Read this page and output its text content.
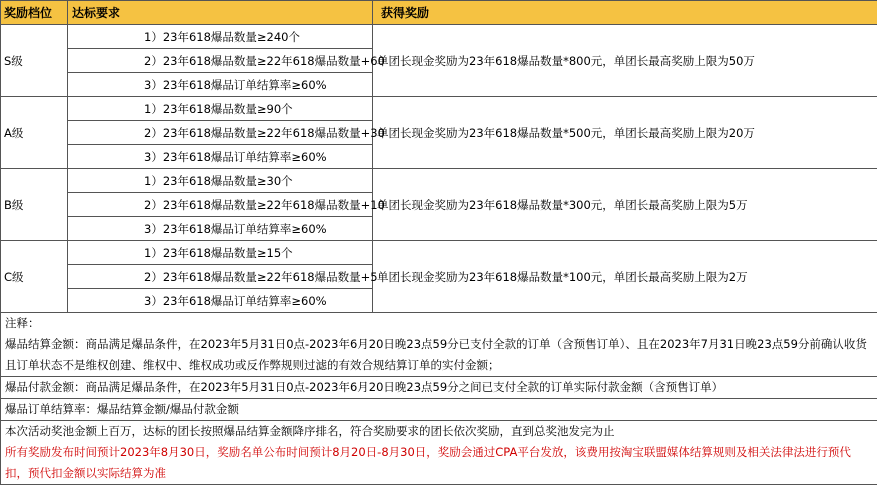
奖励档位	达标要求	获得奖励
S级	1）23年618爆品数量≥240个	单团长现金奖励为23年618爆品数量*800元，单团长最高奖励上限为50万
	2）23年618爆品数量≥22年618爆品数量+60	
	3）23年618爆品订单结算率≥60%	
A级	1）23年618爆品数量≥90个	单团长现金奖励为23年618爆品数量*500元，单团长最高奖励上限为20万
	2）23年618爆品数量≥22年618爆品数量+30	
	3）23年618爆品订单结算率≥60%	
B级	1）23年618爆品数量≥30个	单团长现金奖励为23年618爆品数量*300元，单团长最高奖励上限为5万
	2）23年618爆品数量≥22年618爆品数量+10	
	3）23年618爆品订单结算率≥60%	
C级	1）23年618爆品数量≥15个	单团长现金奖励为23年618爆品数量*100元，单团长最高奖励上限为2万
	2）23年618爆品数量≥22年618爆品数量+5	
	3）23年618爆品订单结算率≥60%	

注释：
爆品结算金额：商品满足爆品条件，在2023年5月31日0点-2023年6月20日晚23点59分已支付全款的订单（含预售订单）、且在2023年7月31日晚23点59分前确认收货且订单状态不是维权创建、维权中、维权成功或反作弊规则过滤的有效合规结算订单的实付金额；		

爆品付款金额：商品满足爆品条件，在2023年5月31日0点-2023年6月20日晚23点59分之间已支付全款的订单实际付款金额（含预售订单）		
爆品订单结算率：爆品结算金额/爆品付款金额		

本次活动奖池金额上百万，达标的团长按照爆品结算金额降序排名，符合奖励要求的团长依次奖励，直到总奖池发完为止
所有奖励发布时间预计2023年8月30日，奖励名单公布时间预计8月20日-8月30日，奖励会通过CPA平台发放，该费用按淘宝联盟媒体结算规则及相关法律法进行预代扣，预代扣金额以实际结算为准		
